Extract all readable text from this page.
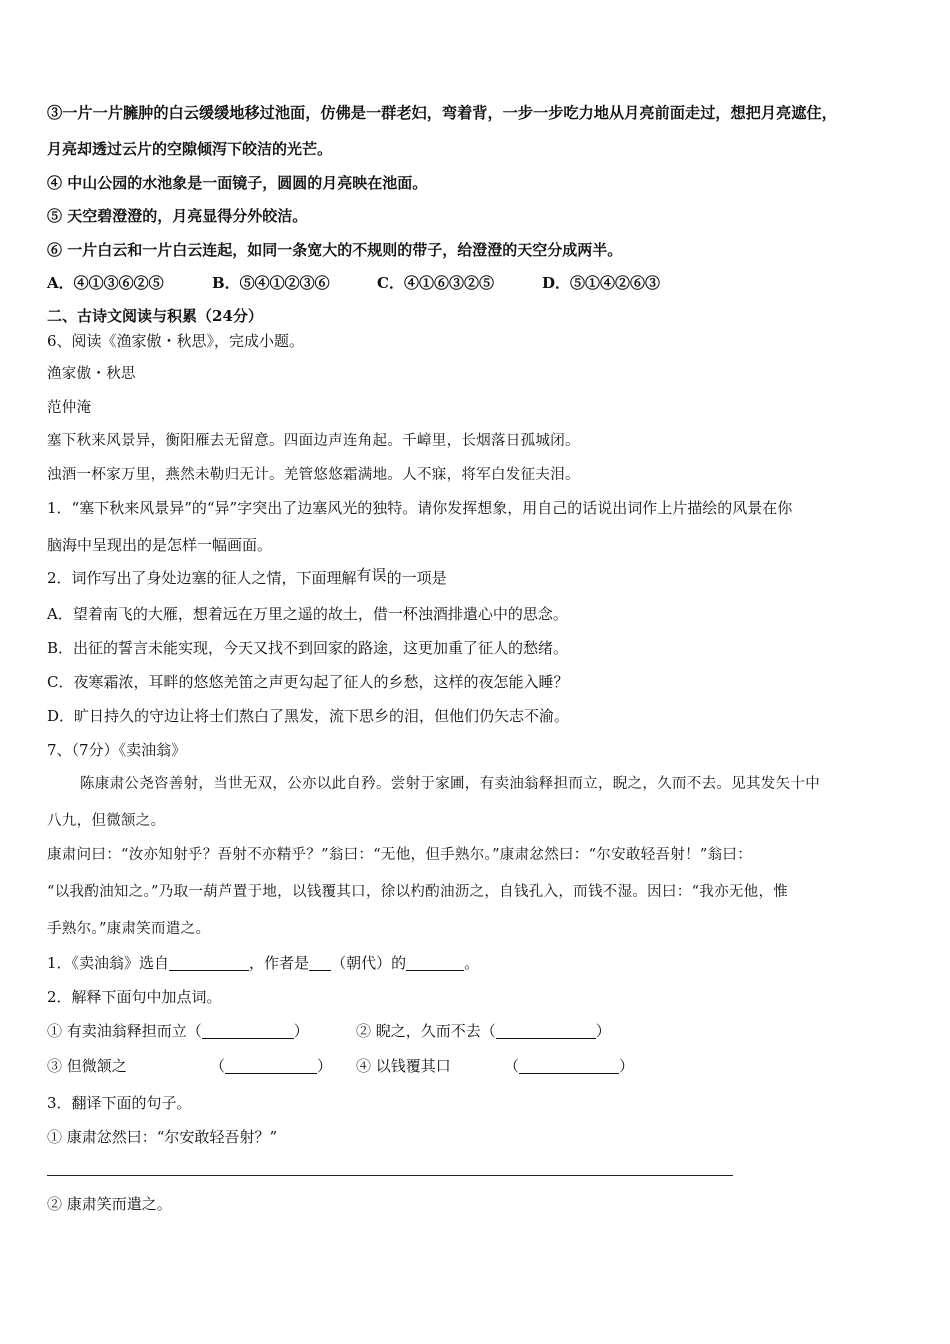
③一片一片臃肿的白云缓缓地移过池面，仿佛是一群老妇，弯着背，一步一步吃力地从月亮前面走过，想把月亮遮住，
月亮却透过云片的空隙倾泻下皎洁的光芒。
④ 中山公园的水池象是一面镜子，圆圆的月亮映在池面。
⑤ 天空碧澄澄的，月亮显得分外皎洁。
⑥ 一片白云和一片白云连起，如同一条宽大的不规则的带子，给澄澄的天空分成两半。
A．④①③⑥②⑤	B．⑤④①②③⑥	C．④①⑥③②⑤	D．⑤①④②⑥③
二、古诗文阅读与积累（24分）
6、阅读《渔家傲・秋思》，完成小题。
渔家傲・秋思
范仲淹
塞下秋来风景异，衡阳雁去无留意。四面边声连角起。千嶂里，长烟落日孤城闭。
浊酒一杯家万里，燕然未勒归无计。羌管悠悠霜满地。人不寐，将军白发征夫泪。
1．“塞下秋来风景异”的“异”字突出了边塞风光的独特。请你发挥想象，用自己的话说出词作上片描绘的风景在你
脑海中呈现出的是怎样一幅画面。
2．词作写出了身处边塞的征人之情，下面理解有误的一项是
A．望着南飞的大雁，想着远在万里之遥的故土，借一杯浊酒排遣心中的思念。
B．出征的誓言未能实现，今天又找不到回家的路途，这更加重了征人的愁绪。
C．夜寒霜浓，耳畔的悠悠羌笛之声更勾起了征人的乡愁，这样的夜怎能入睡？
D．旷日持久的守边让将士们熬白了黑发，流下思乡的泪，但他们仍矢志不渝。
7、（7分）《卖油翁》
陈康肃公尧咨善射，当世无双，公亦以此自矜。尝射于家圃，有卖油翁释担而立，睨之，久而不去。见其发矢十中
八九，但微颔之。
康肃问曰：“汝亦知射乎？吾射不亦精乎？”翁曰：“无他，但手熟尔。”康肃忿然曰：“尔安敢轻吾射！”翁曰：
“以我酌油知之。”乃取一葫芦置于地，以钱覆其口，徐以杓酌油沥之，自钱孔入，而钱不湿。因曰：“我亦无他，惟
手熟尔。”康肃笑而遣之。
1．《卖油翁》选自	，作者是 （朝代）的	。
2．解释下面句中加点词。
① 有卖油翁释担而立（	）	② 睨之，久而不去（	）
③ 但微颔之	（	） ④ 以钱覆其口	（	）
3．翻译下面的句子。
① 康肃忿然曰：“尔安敢轻吾射？”
② 康肃笑而遣之。
